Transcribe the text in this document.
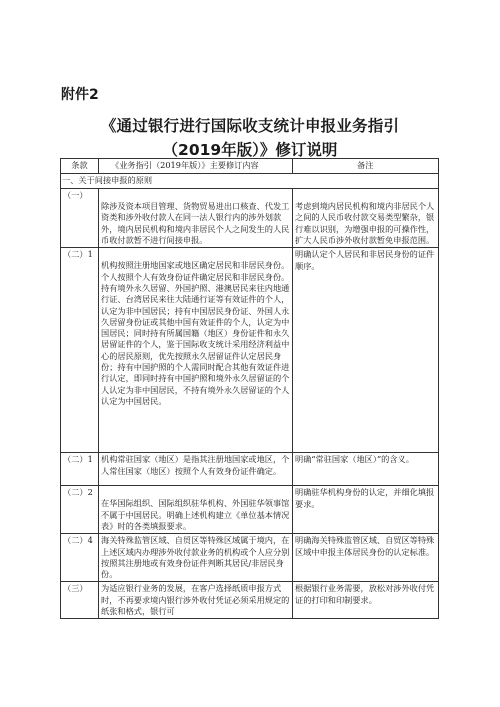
附件2
《通过银行进行国际收支统计申报业务指引
（2019年版）》修订说明
条款	《业务指引（2019年版）》主要修订内容	备注
一、关于间接申报的原则		
（一）	除涉及资本项目管理、货物贸易进出口核查、代发工资类和涉外收付款人在同一法人银行内的涉外划款外，境内居民机构和境内非居民个人之间发生的人民币收付款暂不进行间接申报。	考虑到境内居民机构和境内非居民个人之间的人民币收付款交易类型繁杂，银行难以识别，为增强申报的可操作性，扩大人民币涉外收付款暂免申报范围。
（二）1	机构按照注册地国家或地区确定居民和非居民身份。个人按照个人有效身份证件确定居民和非居民身份。持有境外永久居留、外国护照、港澳居民来往内地通行证、台湾居民来往大陆通行证等有效证件的个人，认定为非中国居民；持有中国居民身份证、外国人永久居留身份证或其他中国有效证件的个人，认定为中国居民；同时持有所属国籍（地区）身份证件和永久居留证件的个人，鉴于国际收支统计采用经济利益中心的居民原则，优先按照永久居留证件认定居民身份；持有中国护照的个人需同时配合其他有效证件进行认定，即同时持有中国护照和境外永久居留证的个人认定为非中国居民，不持有境外永久居留证的个人认定为中国居民。	明确认定个人居民和非居民身份的证件顺序。
（二）1	机构常驻国家（地区）是指其注册地国家或地区，个人常住国家（地区）按照个人有效身份证件确定。	明确“常驻国家（地区）”的含义。
（二）2	在华国际组织、国际组织驻华机构、外国驻华领事馆不属于中国居民。明确上述机构建立《单位基本情况表》时的各类填报要求。	明确驻华机构身份的认定，并细化填报要求。
（二）4	海关特殊监管区域、自贸区等特殊区域属于境内，在上述区域内办理涉外收付款业务的机构或个人应分别按照其注册地或有效身份证件判断其居民/非居民身份。	明确海关特殊监管区域、自贸区等特殊区域中申报主体居民身份的认定标准。
（三）	为适应银行业务的发展，在客户选择纸质申报方式时，不再要求境内银行涉外收付凭证必须采用规定的纸张和格式，银行可	根据银行业务需要，放松对涉外收付凭证的打印和印制要求。
